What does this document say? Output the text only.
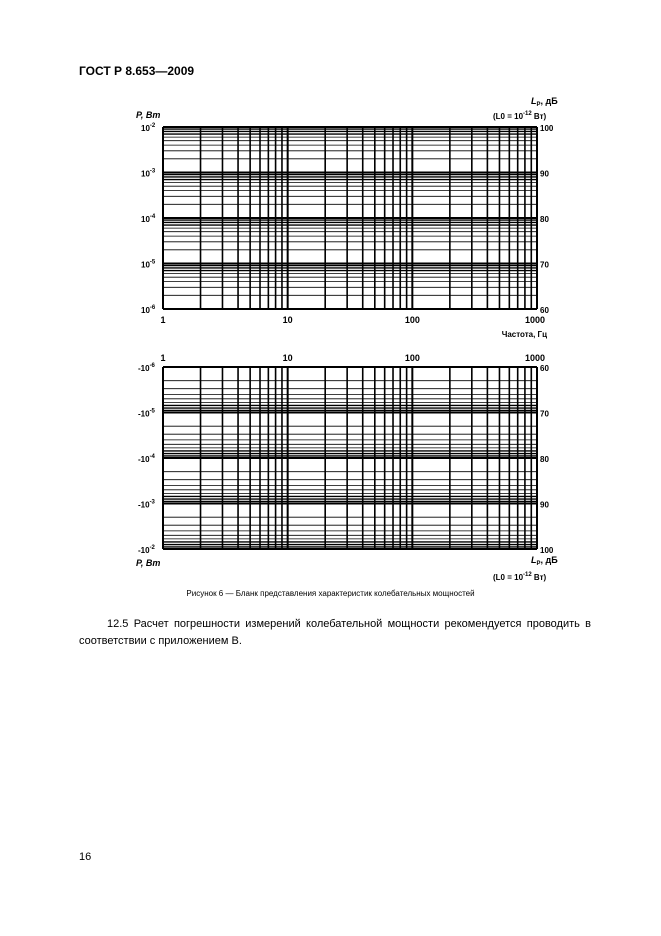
ГОСТ Р 8.653—2009
P, Вт
$L_P$, дБ
($L0 = 10^{-12}$ Вт)
$10^{-2}$
$10^{-3}$
$10^{-4}$
$10^{-5}$
$10^{-6}$
100
90
80
70
60
1	10	100	1000
Частота, Гц
1	10	100	1000
$-10^{-6}$
$-10^{-5}$
$-10^{-4}$
$-10^{-3}$
$-10^{-2}$
60
70
80
90
100
P, Вт	$L_P$, дБ
($L0 = 10^{-12}$ Вт)
Рисунок 6 — Бланк представления характеристик колебательных мощностей
12.5 Расчет погрешности измерений колебательной мощности рекомендуется проводить в соответствии с приложением В.
16
